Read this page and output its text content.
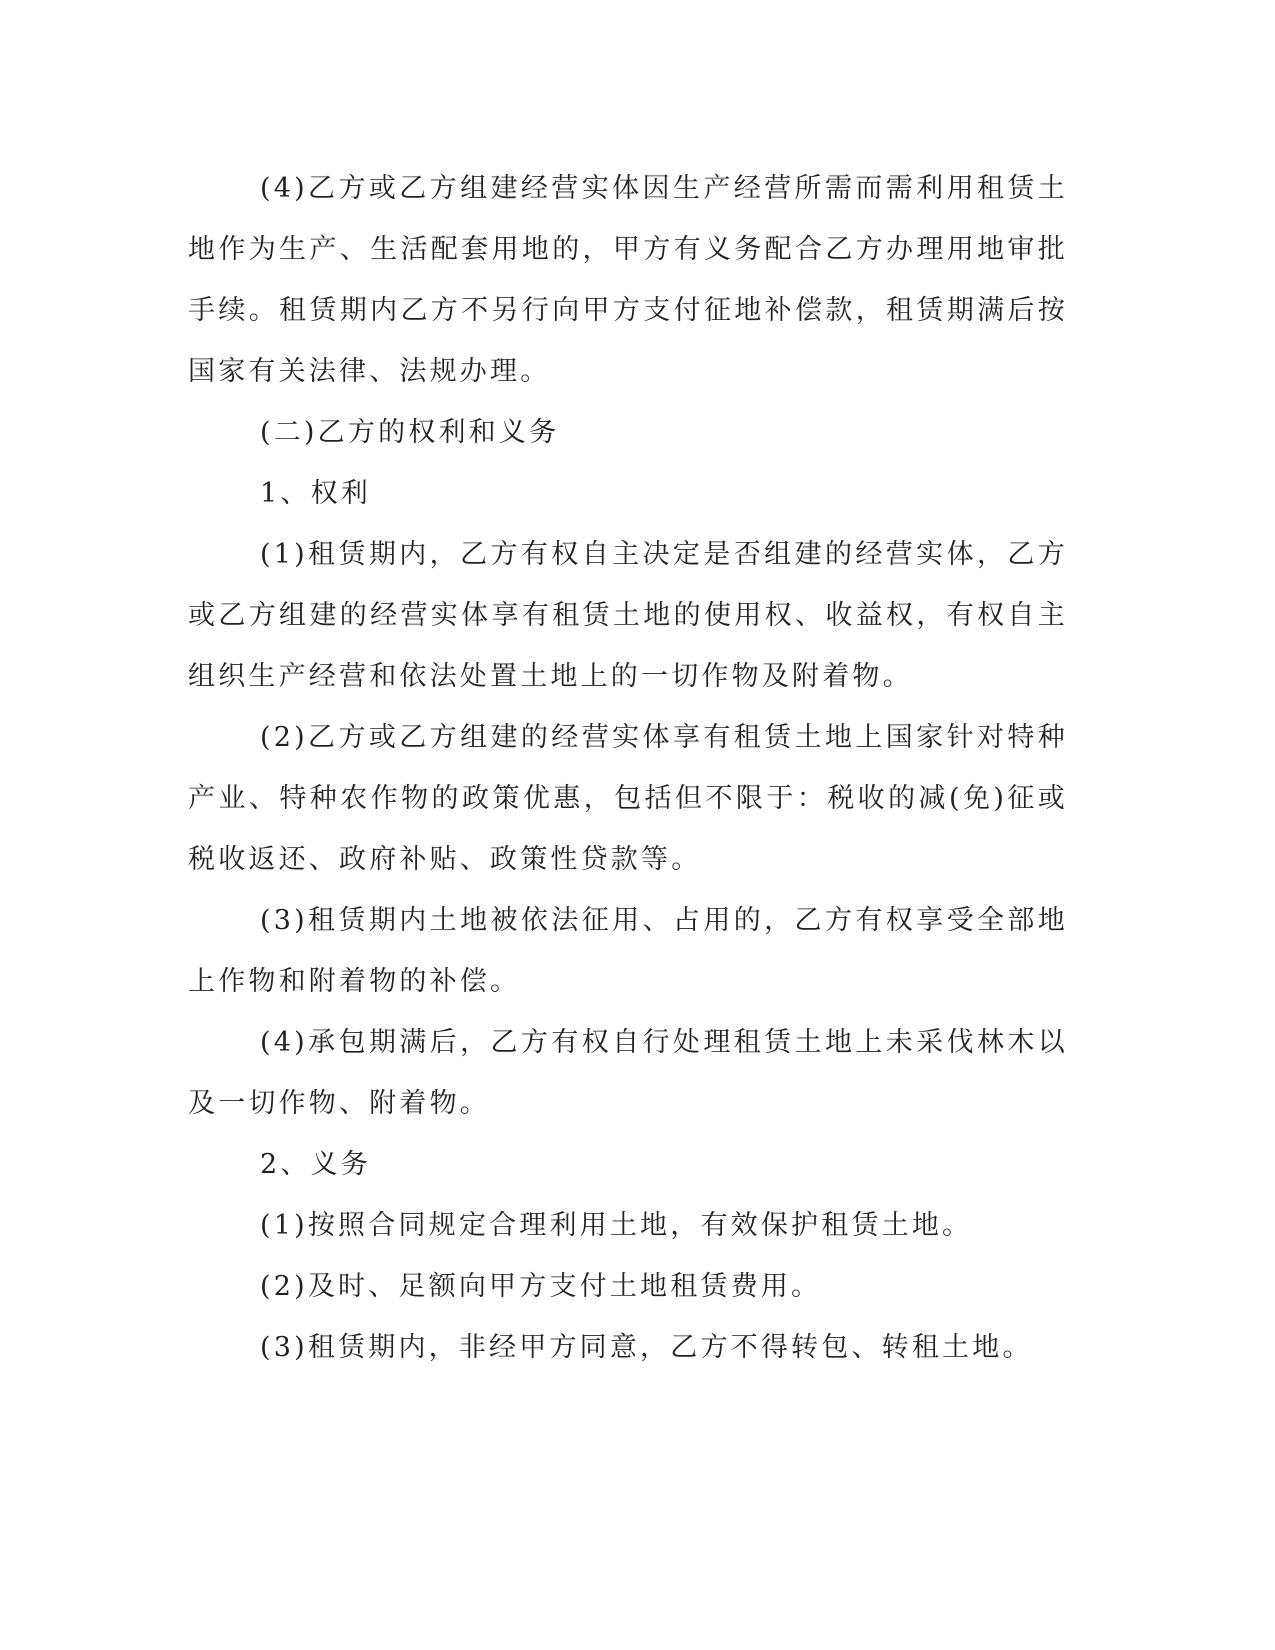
(4)乙方或乙方组建经营实体因生产经营所需而需利用租赁土地作为生产、生活配套用地的，甲方有义务配合乙方办理用地审批手续。租赁期内乙方不另行向甲方支付征地补偿款，租赁期满后按国家有关法律、法规办理。

(二)乙方的权利和义务

1、权利

(1)租赁期内，乙方有权自主决定是否组建的经营实体，乙方或乙方组建的经营实体享有租赁土地的使用权、收益权，有权自主组织生产经营和依法处置土地上的一切作物及附着物。

(2)乙方或乙方组建的经营实体享有租赁土地上国家针对特种产业、特种农作物的政策优惠，包括但不限于：税收的减(免)征或税收返还、政府补贴、政策性贷款等。

(3)租赁期内土地被依法征用、占用的，乙方有权享受全部地上作物和附着物的补偿。

(4)承包期满后，乙方有权自行处理租赁土地上未采伐林木以及一切作物、附着物。

2、义务

(1)按照合同规定合理利用土地，有效保护租赁土地。

(2)及时、足额向甲方支付土地租赁费用。

(3)租赁期内，非经甲方同意，乙方不得转包、转租土地。
